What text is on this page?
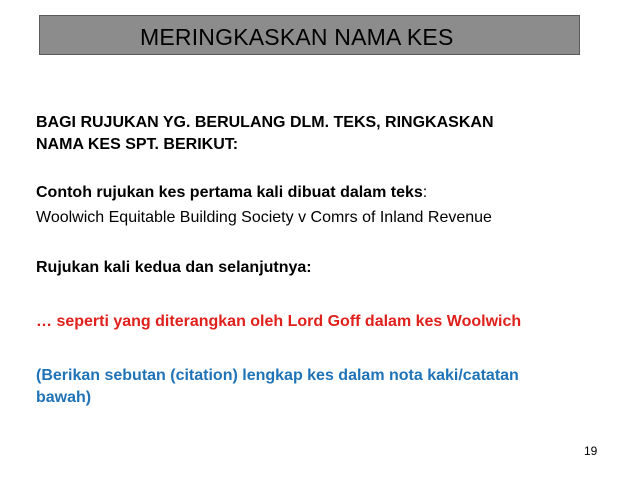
MERINGKASKAN NAMA KES
BAGI RUJUKAN YG. BERULANG DLM. TEKS, RINGKASKAN
NAMA KES SPT. BERIKUT:
Contoh rujukan kes pertama kali dibuat dalam teks:
Woolwich Equitable Building Society v Comrs of Inland Revenue
Rujukan kali kedua dan selanjutnya:
… seperti yang diterangkan oleh Lord Goff dalam kes Woolwich
(Berikan sebutan (citation) lengkap kes dalam nota kaki/catatan
bawah)
19
